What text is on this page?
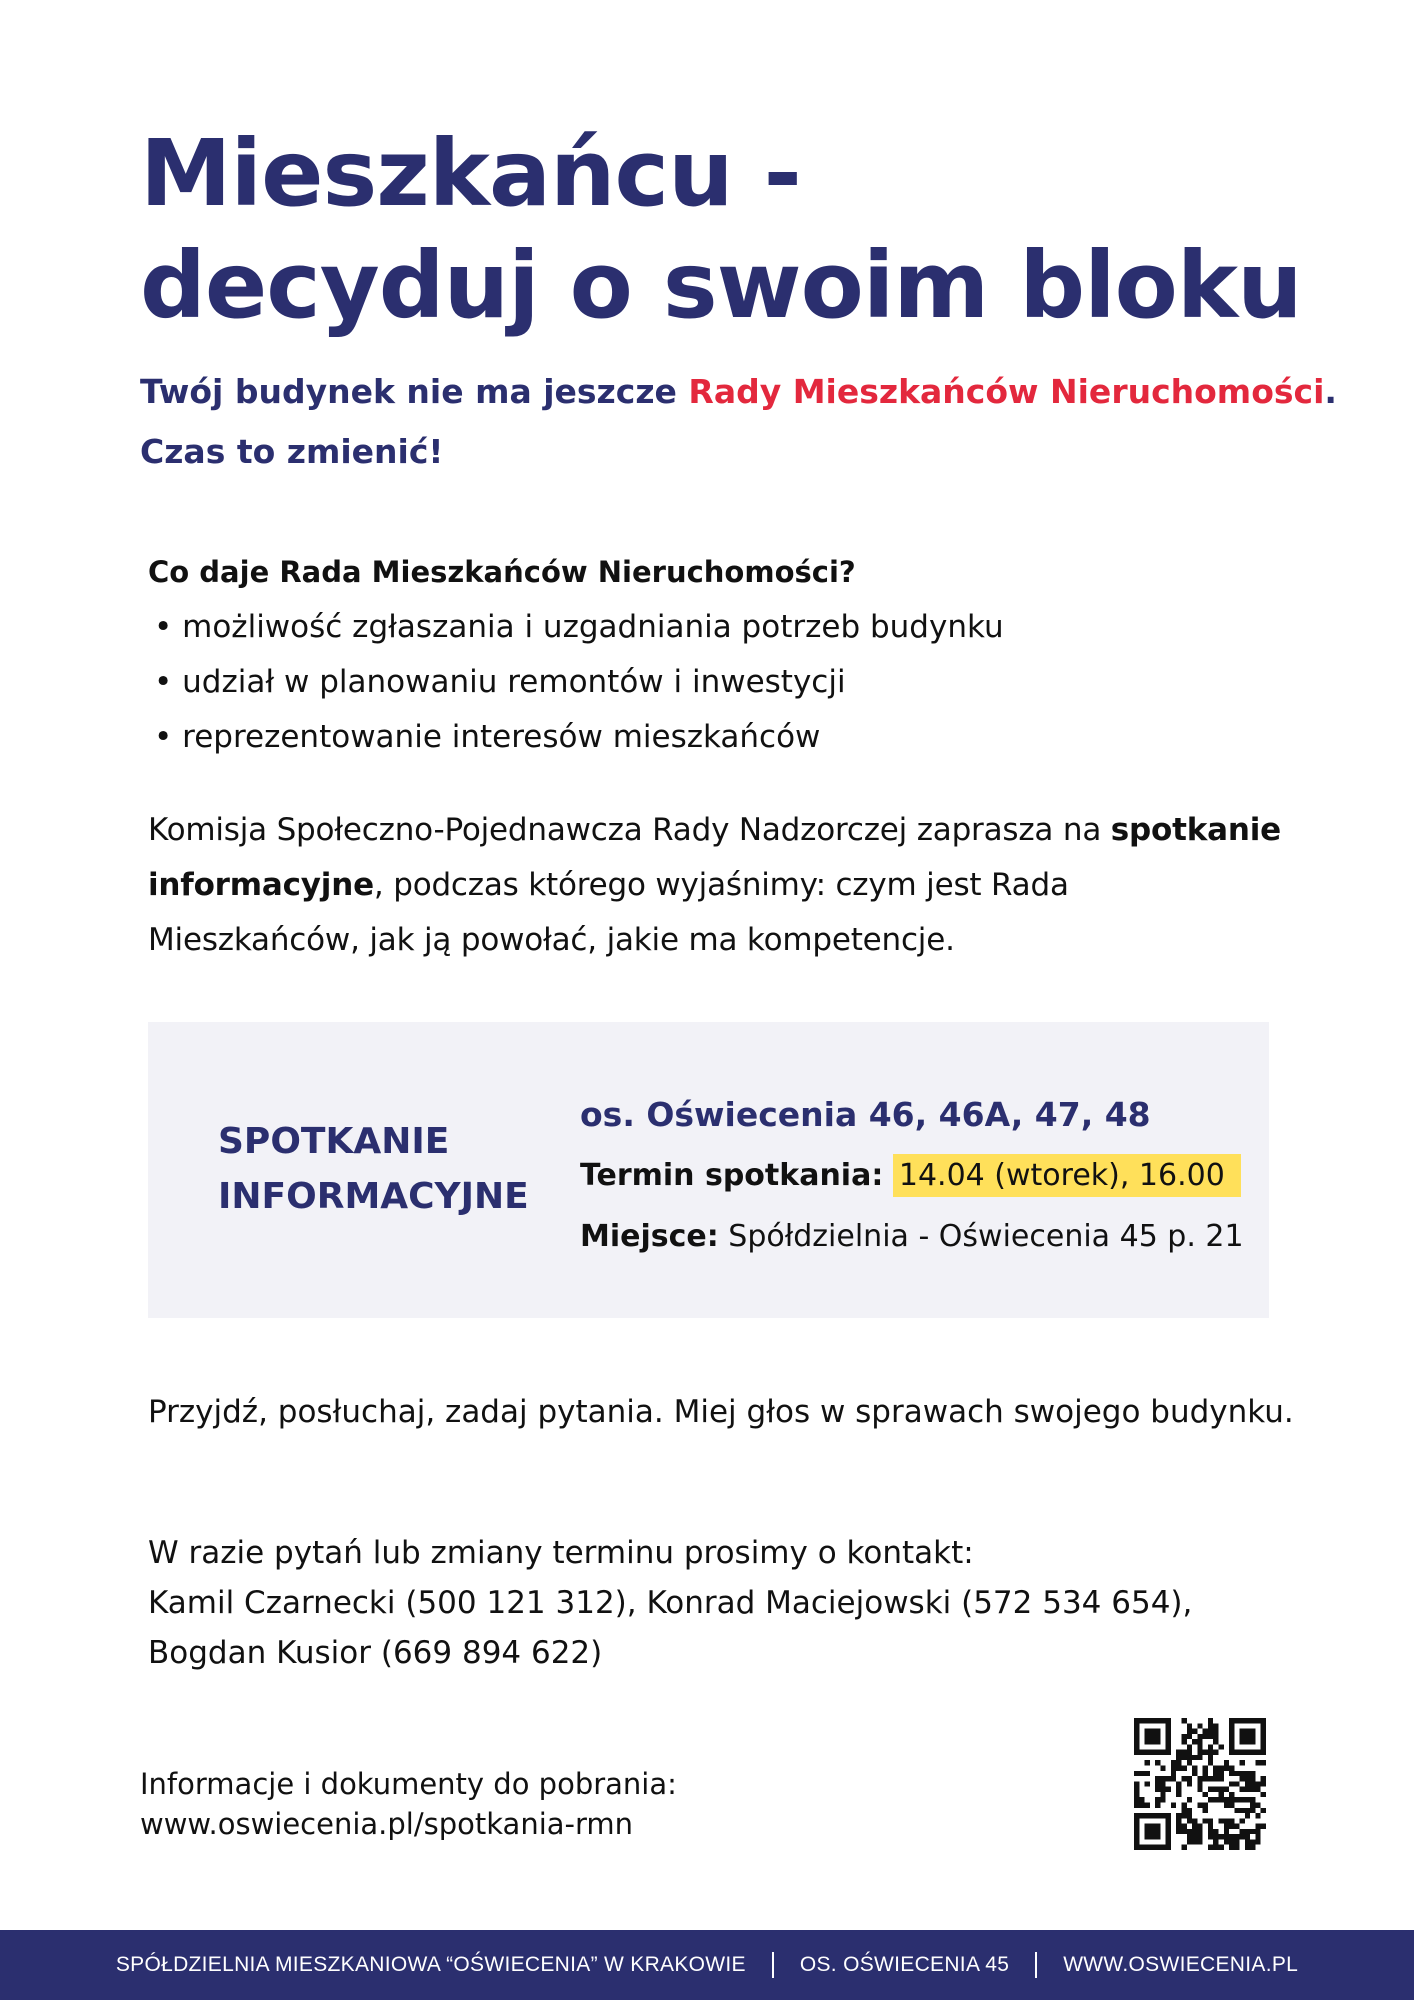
Mieszkańcu -
decyduj o swoim bloku

Twój budynek nie ma jeszcze Rady Mieszkańców Nieruchomości.
Czas to zmienić!

Co daje Rada Mieszkańców Nieruchomości?
• możliwość zgłaszania i uzgadniania potrzeb budynku
• udział w planowaniu remontów i inwestycji
• reprezentowanie interesów mieszkańców

Komisja Społeczno-Pojednawcza Rady Nadzorczej zaprasza na spotkanie informacyjne, podczas którego wyjaśnimy: czym jest Rada Mieszkańców, jak ją powołać, jakie ma kompetencje.

SPOTKANIE
INFORMACYJNE
os. Oświecenia 46, 46A, 47, 48
Termin spotkania: 14.04 (wtorek), 16.00
Miejsce: Spółdzielnia - Oświecenia 45 p. 21

Przyjdź, posłuchaj, zadaj pytania. Miej głos w sprawach swojego budynku.

W razie pytań lub zmiany terminu prosimy o kontakt:
Kamil Czarnecki (500 121 312), Konrad Maciejowski (572 534 654),
Bogdan Kusior (669 894 622)

Informacje i dokumenty do pobrania:
www.oswiecenia.pl/spotkania-rmn

SPÓŁDZIELNIA MIESZKANIOWA “OŚWIECENIA” W KRAKOWIE	OS. OŚWIECENIA 45	WWW.OSWIECENIA.PL
